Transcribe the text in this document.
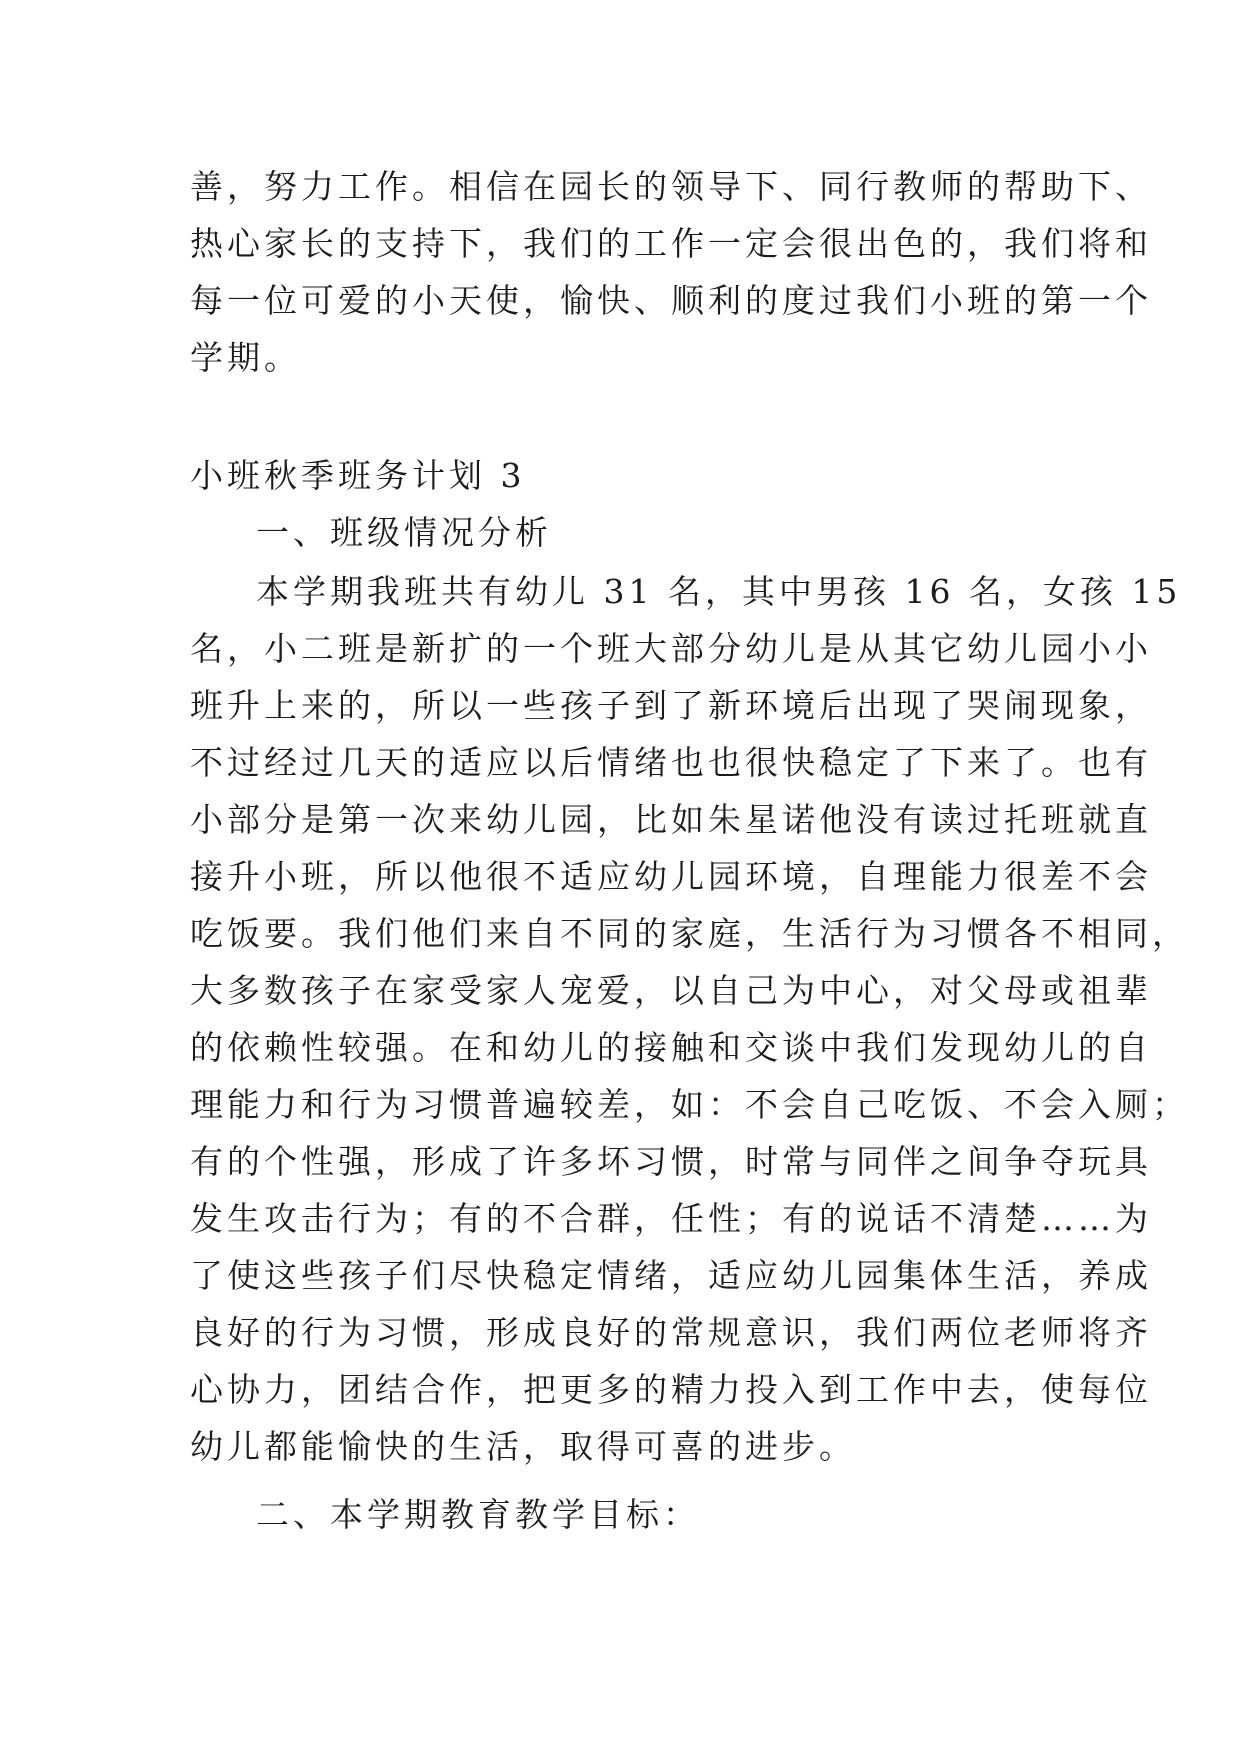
善，努力工作。相信在园长的领导下、同行教师的帮助下、
热心家长的支持下，我们的工作一定会很出色的，我们将和
每一位可爱的小天使，愉快、顺利的度过我们小班的第一个
学期。
小班秋季班务计划 3
一、班级情况分析
本学期我班共有幼儿 31 名，其中男孩 16 名，女孩 15
名，小二班是新扩的一个班大部分幼儿是从其它幼儿园小小
班升上来的，所以一些孩子到了新环境后出现了哭闹现象，
不过经过几天的适应以后情绪也也很快稳定了下来了。也有
小部分是第一次来幼儿园，比如朱星诺他没有读过托班就直
接升小班，所以他很不适应幼儿园环境，自理能力很差不会
吃饭要。我们他们来自不同的家庭，生活行为习惯各不相同，
大多数孩子在家受家人宠爱，以自己为中心，对父母或祖辈
的依赖性较强。在和幼儿的接触和交谈中我们发现幼儿的自
理能力和行为习惯普遍较差，如：不会自己吃饭、不会入厕；
有的个性强，形成了许多坏习惯，时常与同伴之间争夺玩具
发生攻击行为；有的不合群，任性；有的说话不清楚……为
了使这些孩子们尽快稳定情绪，适应幼儿园集体生活，养成
良好的行为习惯，形成良好的常规意识，我们两位老师将齐
心协力，团结合作，把更多的精力投入到工作中去，使每位
幼儿都能愉快的生活，取得可喜的进步。
二、本学期教育教学目标：
